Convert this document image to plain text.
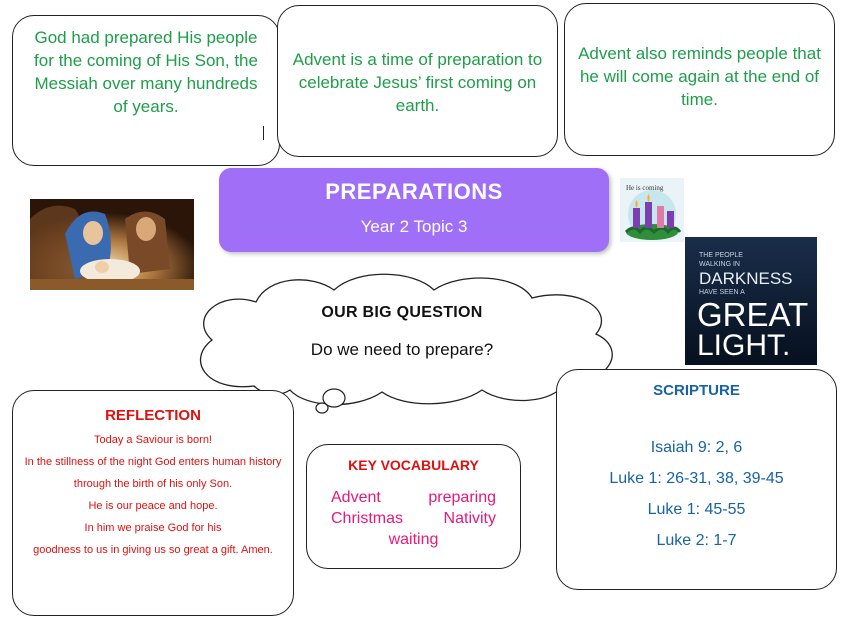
God had prepared His people for the coming of His Son, the Messiah over many hundreds of years.
Advent is a time of preparation to celebrate Jesus’ first coming on earth.
Advent also reminds people that he will come again at the end of time.
PREPARATIONS
Year 2 Topic 3
He is coming
THE PEOPLE
WALKING IN
DARKNESS
HAVE SEEN A
GREAT
LIGHT.
OUR BIG QUESTION
Do we need to prepare?
REFLECTION

Today a Saviour is born!

In the stillness of the night God enters human history

through the birth of his only Son.

He is our peace and hope.

In him we praise God for his

goodness to us in giving us so great a gift. Amen.

KEY VOCABULARY
Advent	preparing
Christmas	Nativity
waiting
SCRIPTURE

Isaiah 9: 2, 6

Luke 1: 26-31, 38, 39-45

Luke 1: 45-55

Luke 2: 1-7
